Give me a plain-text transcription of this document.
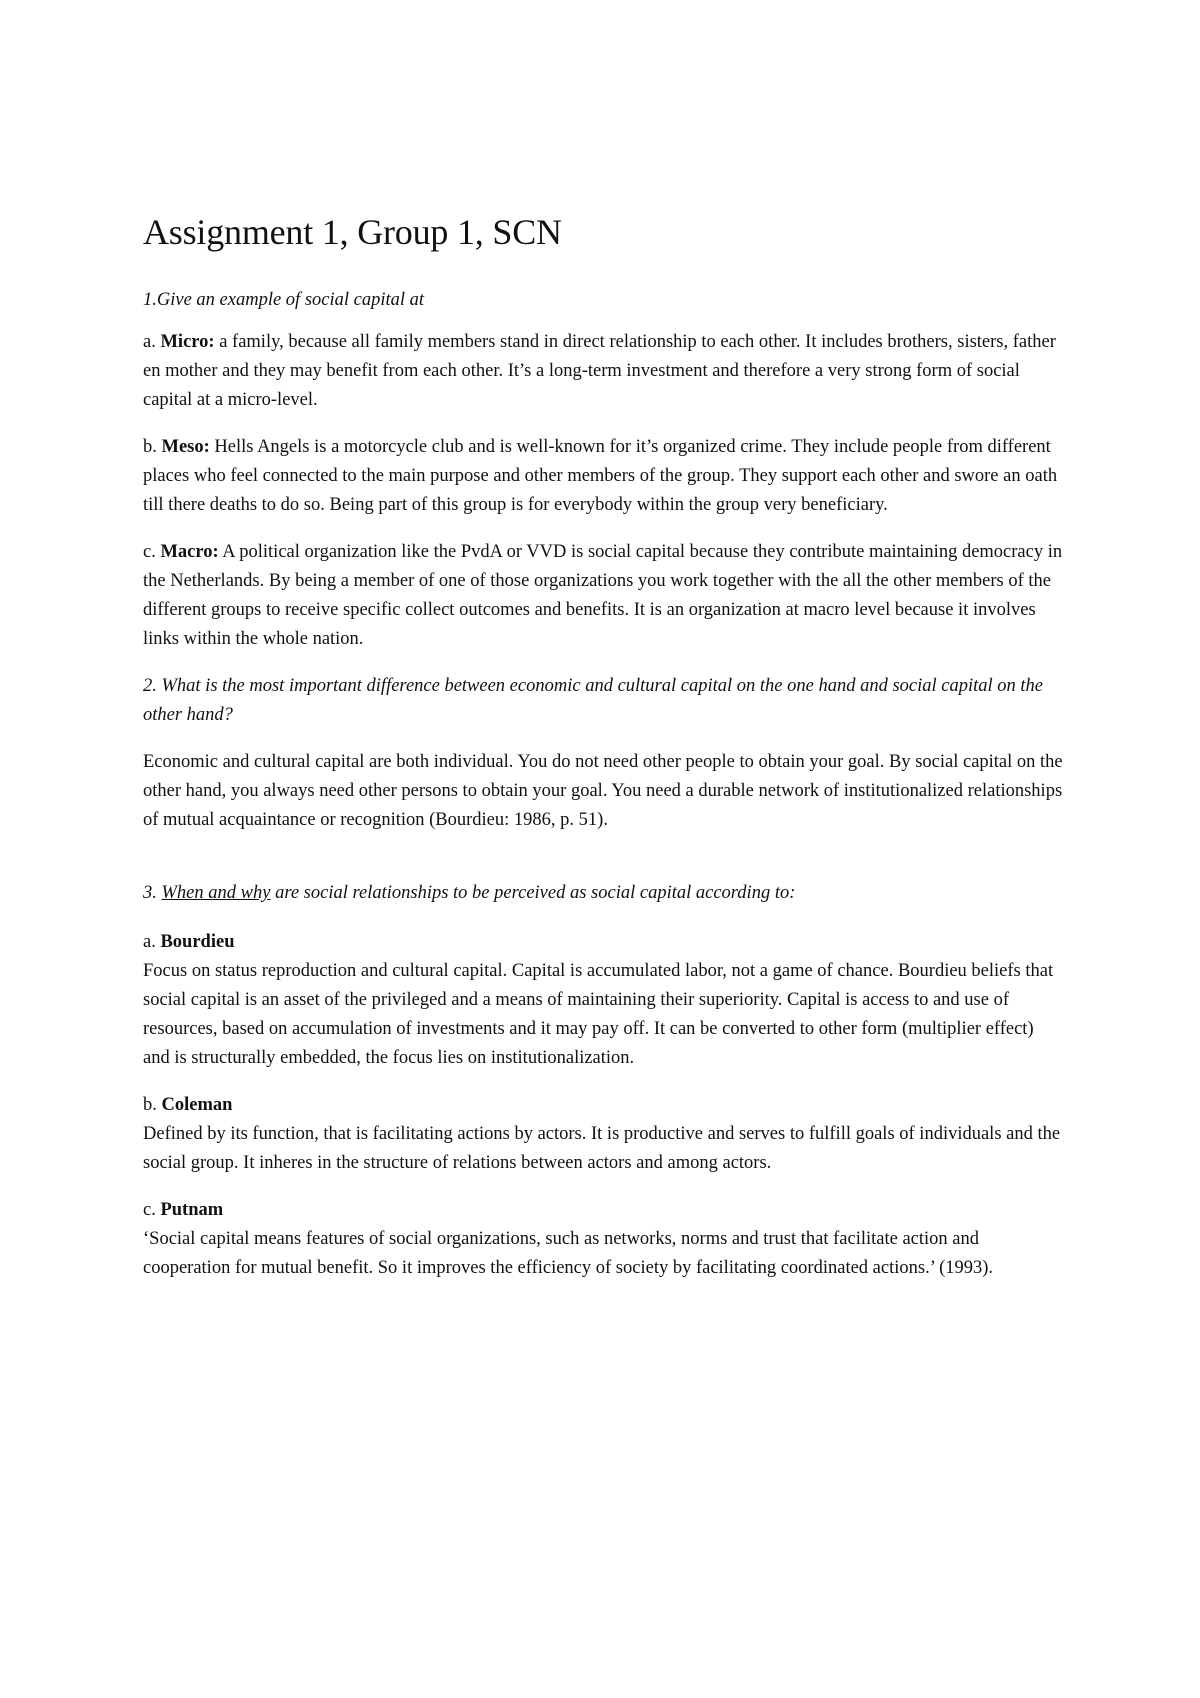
Assignment 1, Group 1, SCN

1.Give an example of social capital at

a. Micro: a family, because all family members stand in direct relationship to each other. It includes brothers, sisters, father en mother and they may benefit from each other. It’s a long-term investment and therefore a very strong form of social capital at a micro-level.

b. Meso: Hells Angels is a motorcycle club and is well-known for it’s organized crime. They include people from different places who feel connected to the main purpose and other members of the group. They support each other and swore an oath till there deaths to do so. Being part of this group is for everybody within the group very beneficiary.

c. Macro: A political organization like the PvdA or VVD is social capital because they contribute maintaining democracy in the Netherlands. By being a member of one of those organizations you work together with the all the other members of the different groups to receive specific collect outcomes and benefits. It is an organization at macro level because it involves links within the whole nation.

2. What is the most important difference between economic and cultural capital on the one hand and social capital on the other hand?

Economic and cultural capital are both individual. You do not need other people to obtain your goal. By social capital on the other hand, you always need other persons to obtain your goal. You need a durable network of institutionalized relationships of mutual acquaintance or recognition (Bourdieu: 1986, p. 51).

3. When and why are social relationships to be perceived as social capital according to:

a. Bourdieu
Focus on status reproduction and cultural capital. Capital is accumulated labor, not a game of chance. Bourdieu beliefs that social capital is an asset of the privileged and a means of maintaining their superiority. Capital is access to and use of resources, based on accumulation of investments and it may pay off. It can be converted to other form (multiplier effect) and is structurally embedded, the focus lies on institutionalization.
b. Coleman
Defined by its function, that is facilitating actions by actors. It is productive and serves to fulfill goals of individuals and the social group. It inheres in the structure of relations between actors and among actors.
c. Putnam
‘Social capital means features of social organizations, such as networks, norms and trust that facilitate action and cooperation for mutual benefit. So it improves the efficiency of society by facilitating coordinated actions.’ (1993).
